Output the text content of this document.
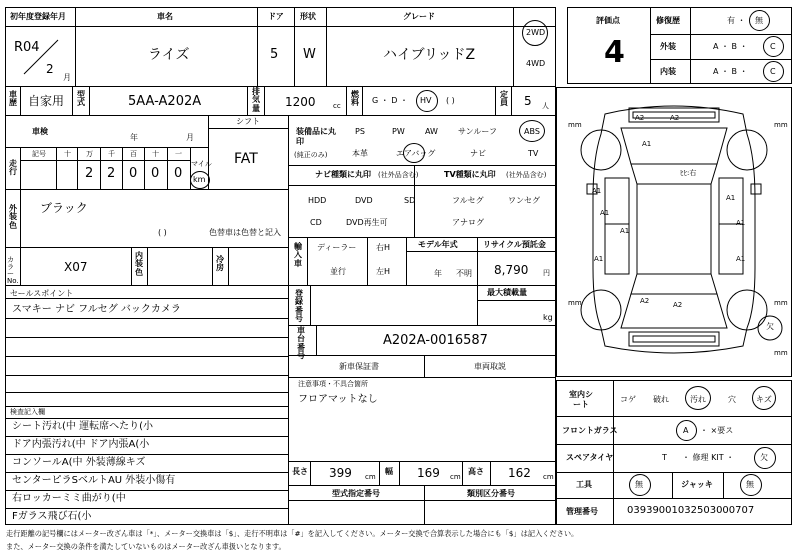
初年度登録年月
R04
2
月
車名
ライズ
ドア
5
形状
W
グレード
ハイブリッドZ
2WD
4WD
車歴 自家用 型式	5AA-A202A
排気量 1200 cc
燃料 G ・ D ・ HV ( )
定員 5 人
評価点
4
修復歴	有 ・ 無
外装	A ・ B ・	C
内装	A ・ B ・	C
車検
年	月
シフト
FAT
走行
記号	十 万 千 百 十 一
2 2 0 0 0
マイル
km
装備品に丸印
(純正のみ)
PS	PW	AW	サンルーフ	ABS
本革	エアバッグ	ナビ	TV
ナビ種類に丸印 (社外品含む)
HDD	DVD	SD
CD	DVD再生可
TV種類に丸印 (社外品含む)
フルセグ	ワンセグ
アナログ
外装色
ブラック
( )	色替車は色替と記入
カラーNo.
X07
内装色
冷房
輸入車
ディーラー
並行
右H
左H
モデル年式
年 不明
リサイクル預託金
8,790 円
登録番号
最大積載量
kg
セールスポイント
スマキー ナビ フルセグ バックカメラ
車台番号
A202A-0016587
新車保証書	車両取説
注意事項・不具合箇所
フロアマットなし
検査記入欄
シート汚れ(中 運転席へたり(小
ドア内張汚れ(中 ドア内張A(小
コンソールA(中 外装薄線キズ
センターピラSベルトAU 外装小傷有
右ロッカーミミ曲がり(中
Fガラス飛び石(小
長さ 399 cm
幅 169 cm
高さ 162 cm
型式指定番号	類別区分番号
A2	A2
A1
A1
A1
A1
A2
A1
A2
A1
A1
A1
ﾋﾋ:右
mm	mm
mm	mm
mm
欠
室内シート
コゲ 破れ	汚れ	穴	キズ
フロントガラス	A ・ ×要ス
スペアタイヤ	T ・ 修理 KIT ・	欠
工具	無	ジャッキ	無
管理番号	03939001032503000707
走行距離の記号欄にはメーター改ざん車は「*」、メーター交換車は「$」、走行不明車は「#」を記入してください。メーター交換で合算表示した場合にも「$」は記入ください。
また、メーター交換の条件を満たしていないものはメーター改ざん車扱いとなります。
